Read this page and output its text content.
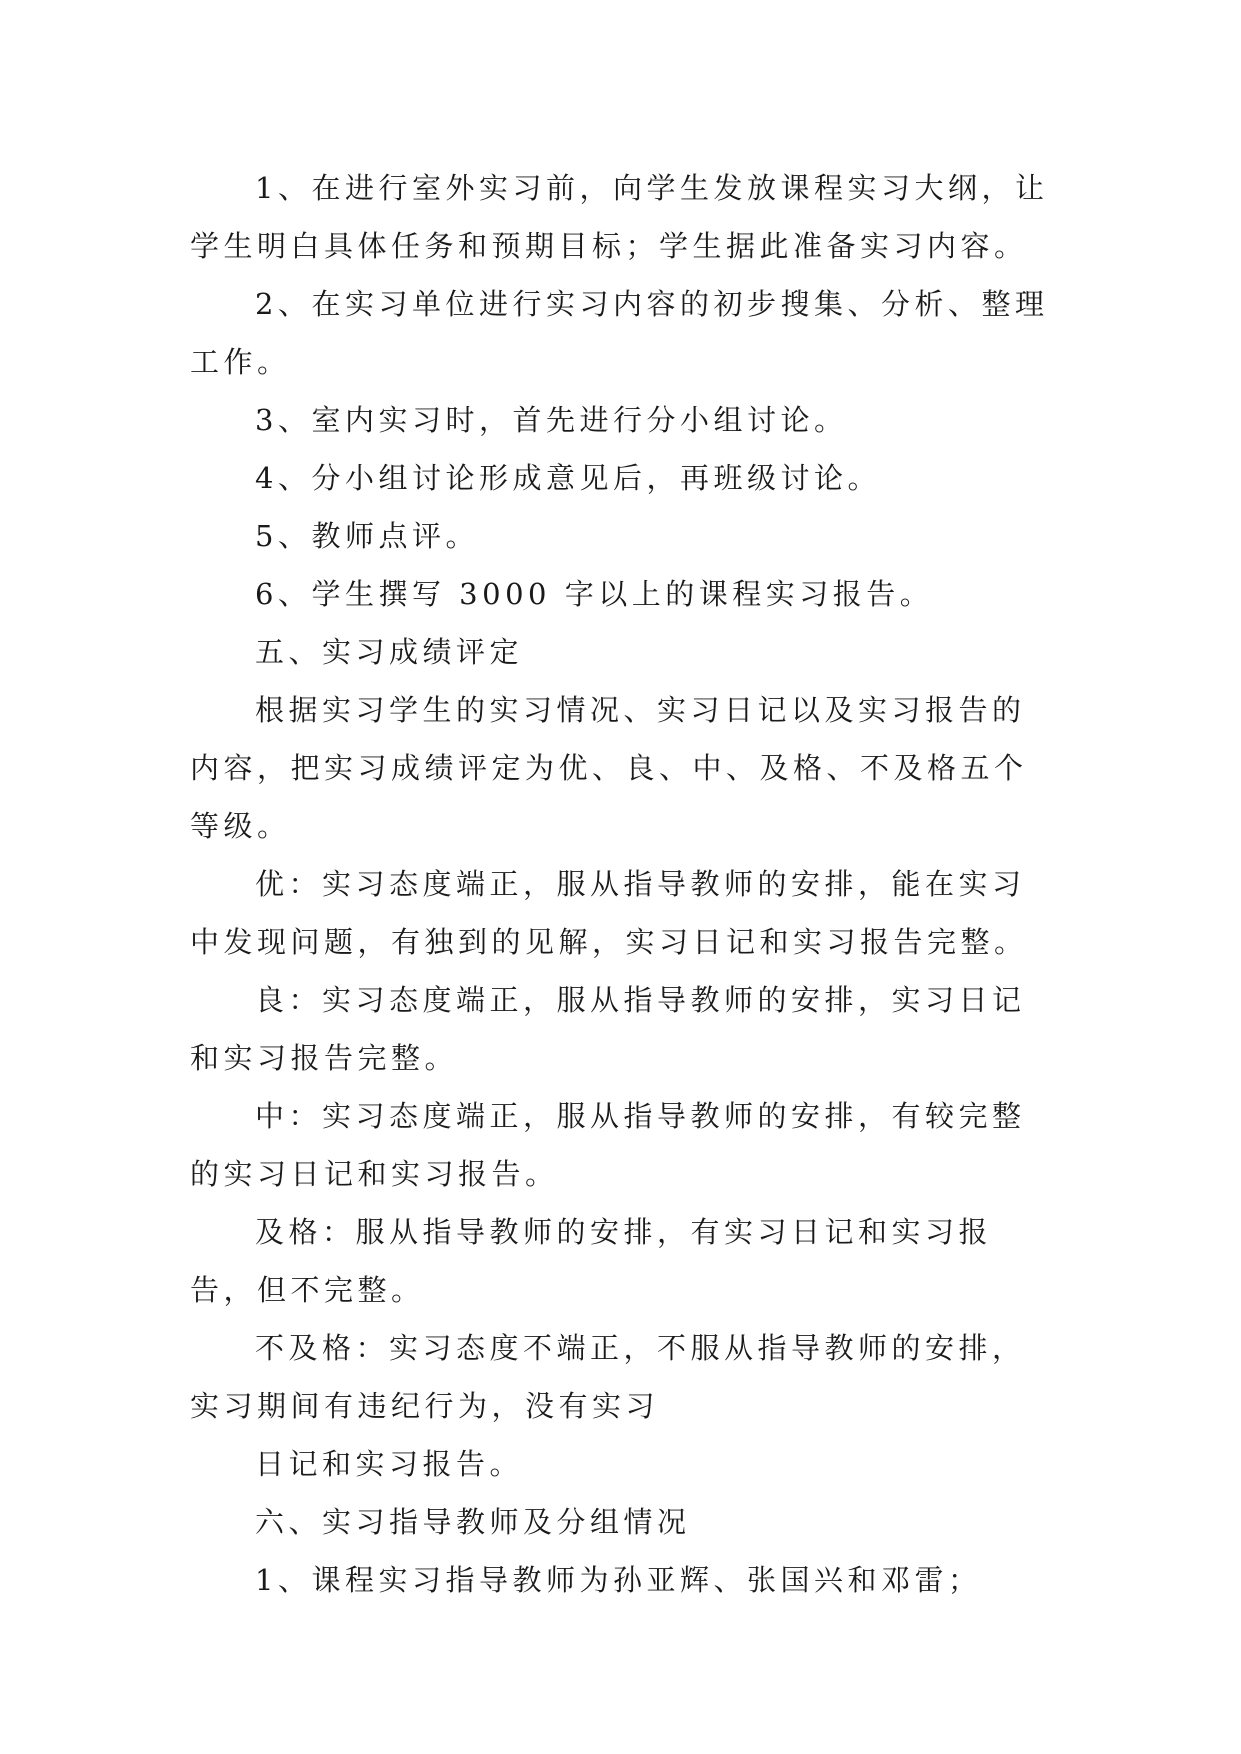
1、在进行室外实习前，向学生发放课程实习大纲，让学生明白具体任务和预期目标；学生据此准备实习内容。

2、在实习单位进行实习内容的初步搜集、分析、整理工作。

3、室内实习时，首先进行分小组讨论。

4、分小组讨论形成意见后，再班级讨论。

5、教师点评。

6、学生撰写 3000 字以上的课程实习报告。

五、实习成绩评定

根据实习学生的实习情况、实习日记以及实习报告的内容，把实习成绩评定为优、良、中、及格、不及格五个等级。

优：实习态度端正，服从指导教师的安排，能在实习中发现问题，有独到的见解，实习日记和实习报告完整。

良：实习态度端正，服从指导教师的安排，实习日记和实习报告完整。

中：实习态度端正，服从指导教师的安排，有较完整的实习日记和实习报告。

及格：服从指导教师的安排，有实习日记和实习报告，但不完整。

不及格：实习态度不端正，不服从指导教师的安排，实习期间有违纪行为，没有实习

日记和实习报告。

六、实习指导教师及分组情况

1、课程实习指导教师为孙亚辉、张国兴和邓雷；
